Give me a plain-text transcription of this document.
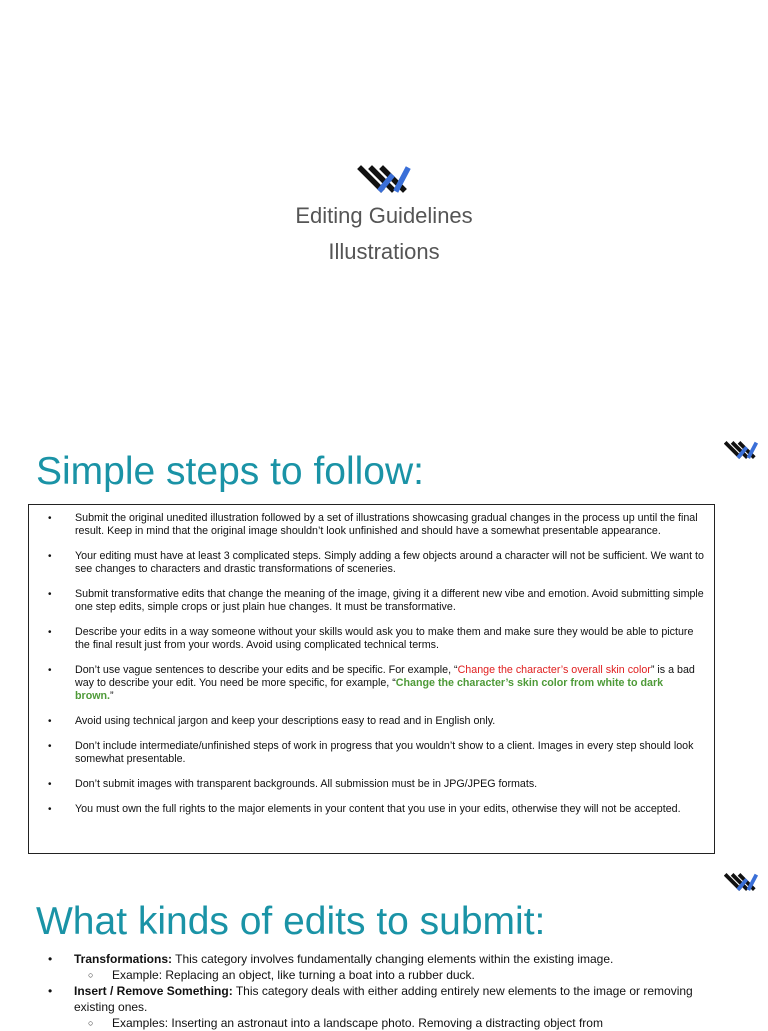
Editing Guidelines
Illustrations
Simple steps to follow:
• Submit the original unedited illustration followed by a set of illustrations showcasing gradual changes in the process up until the final result. Keep in mind that the original image shouldn’t look unfinished and should have a somewhat presentable appearance.
• Your editing must have at least 3 complicated steps. Simply adding a few objects around a character will not be sufficient. We want to see changes to characters and drastic transformations of sceneries.
• Submit transformative edits that change the meaning of the image, giving it a different new vibe and emotion. Avoid submitting simple one step edits, simple crops or just plain hue changes. It must be transformative.
• Describe your edits in a way someone without your skills would ask you to make them and make sure they would be able to picture the final result just from your words. Avoid using complicated technical terms.
• Don’t use vague sentences to describe your edits and be specific. For example, “Change the character’s overall skin color” is a bad way to describe your edit. You need be more specific, for example, “Change the character’s skin color from white to dark brown.”
• Avoid using technical jargon and keep your descriptions easy to read and in English only.
• Don’t include intermediate/unfinished steps of work in progress that you wouldn’t show to a client. Images in every step should look somewhat presentable.
• Don’t submit images with transparent backgrounds. All submission must be in JPG/JPEG formats.
• You must own the full rights to the major elements in your content that you use in your edits, otherwise they will not be accepted.
What kinds of edits to submit:
• Transformations: This category involves fundamentally changing elements within the existing image.
○ Example: Replacing an object, like turning a boat into a rubber duck.
• Insert / Remove Something: This category deals with either adding entirely new elements to the image or removing existing ones.
○ Examples: Inserting an astronaut into a landscape photo. Removing a distracting object from
